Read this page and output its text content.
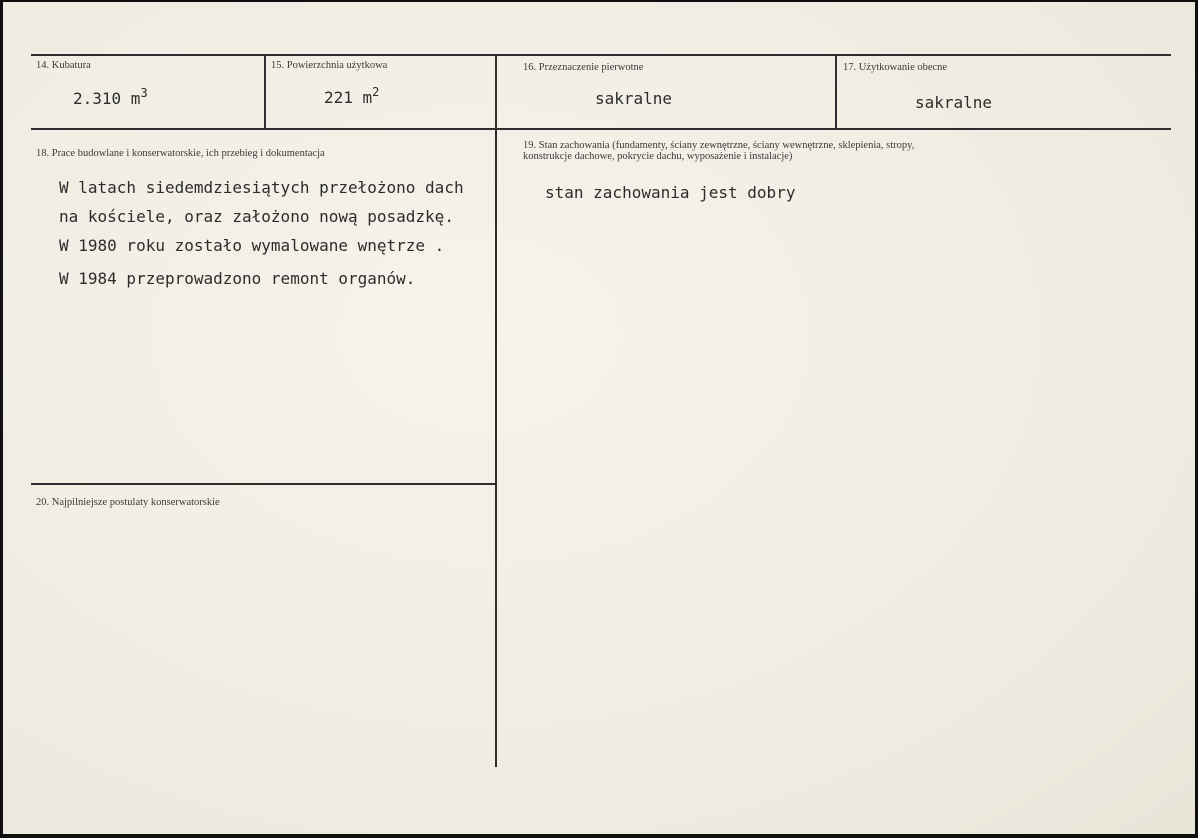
14. Kubatura
2.310 $m^3$
15. Powierzchnia użytkowa
221 $m^2$
16. Przeznaczenie pierwotne
sakralne
17. Użytkowanie obecne
sakralne
18. Prace budowlane i konserwatorskie, ich przebieg i dokumentacja
W latach siedemdziesiątych przełożono dach
na kościele, oraz założono nową posadzkę.
W 1980 roku zostało wymalowane wnętrze .
W 1984 przeprowadzono remont organów.
19. Stan zachowania (fundamenty, ściany zewnętrzne, ściany wewnętrzne, sklepienia, stropy,
konstrukcje dachowe, pokrycie dachu, wyposażenie i instalacje)
stan zachowania jest dobry
20. Najpilniejsze postulaty konserwatorskie
